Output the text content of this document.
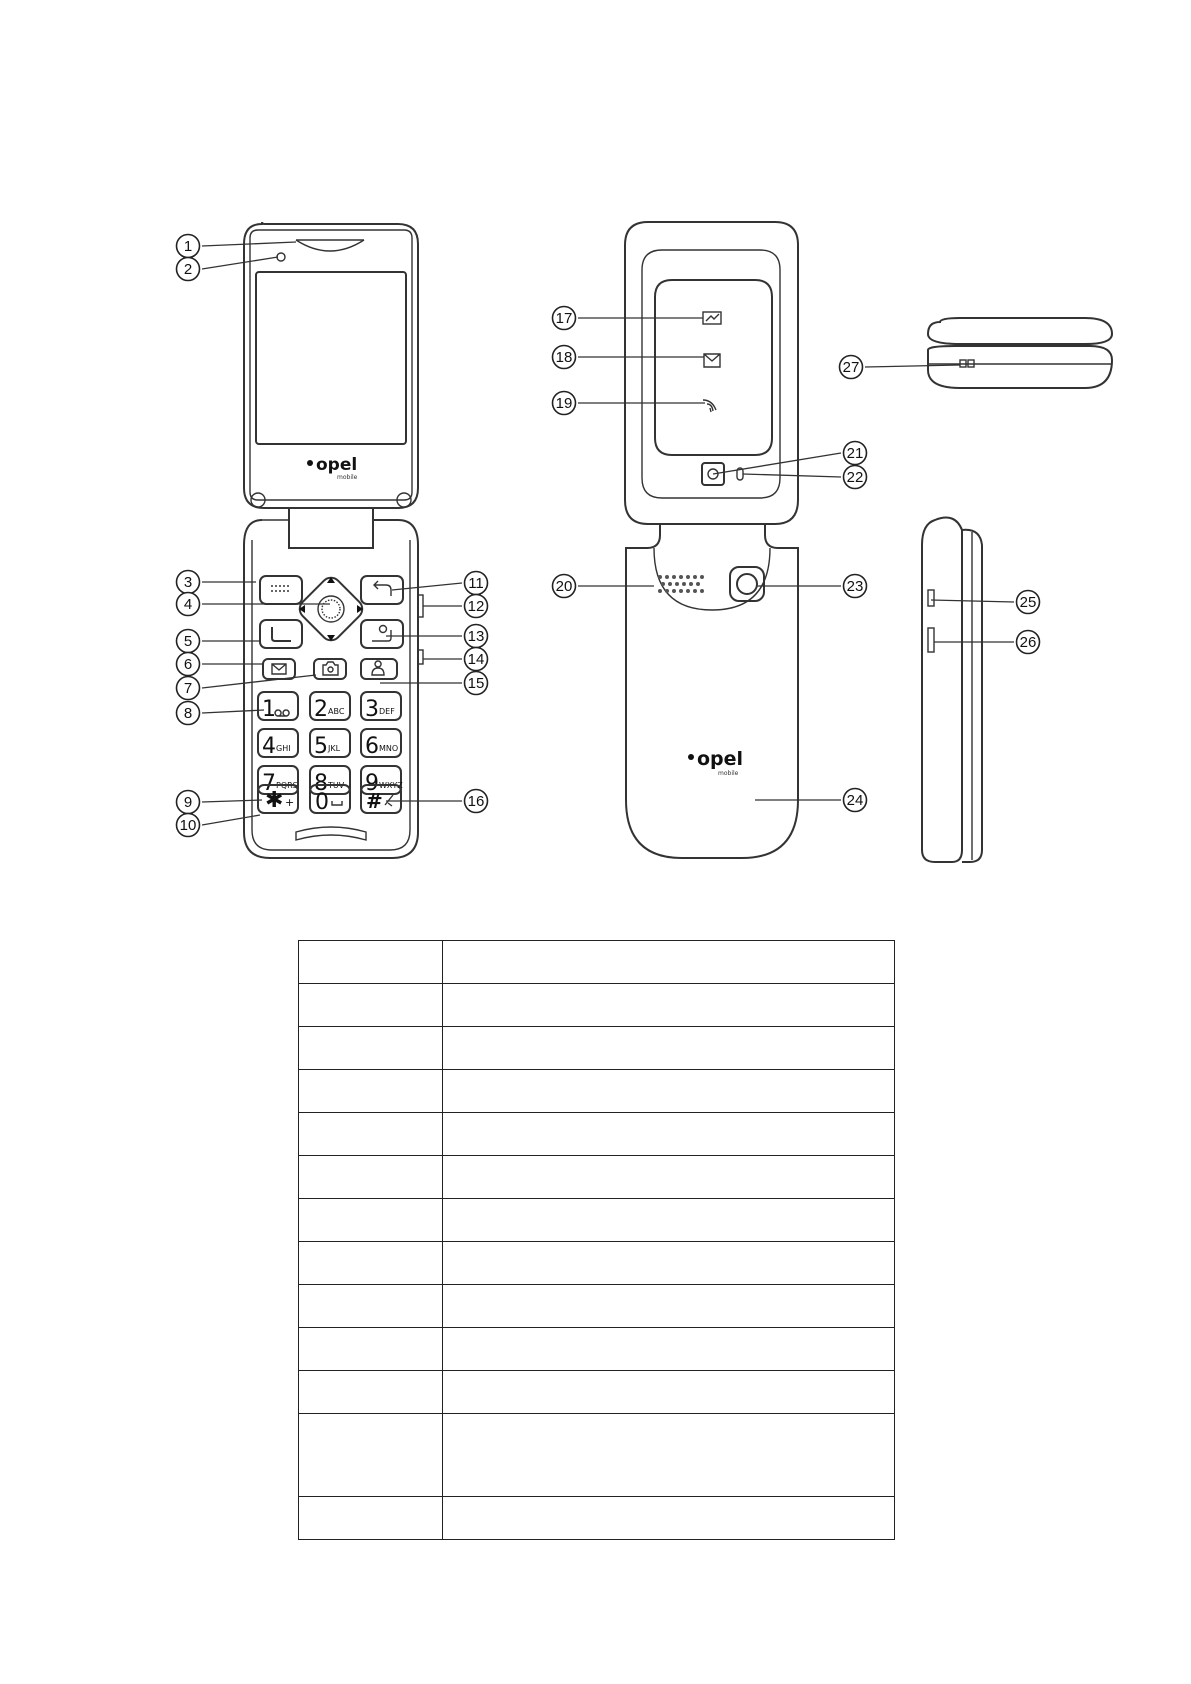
opel
mobile
1 2 ABC 3 DEF
4 GHI 5 JKL 6 MNO
7 PQRS 8 TUV 9 WXYZ
✱ + 0 #
opel
mobile
1
2
3
4
5
6
7
8
9
10
11
12
13
14
15
16
17
18
19
20
21
22
23
24
25
26
27
